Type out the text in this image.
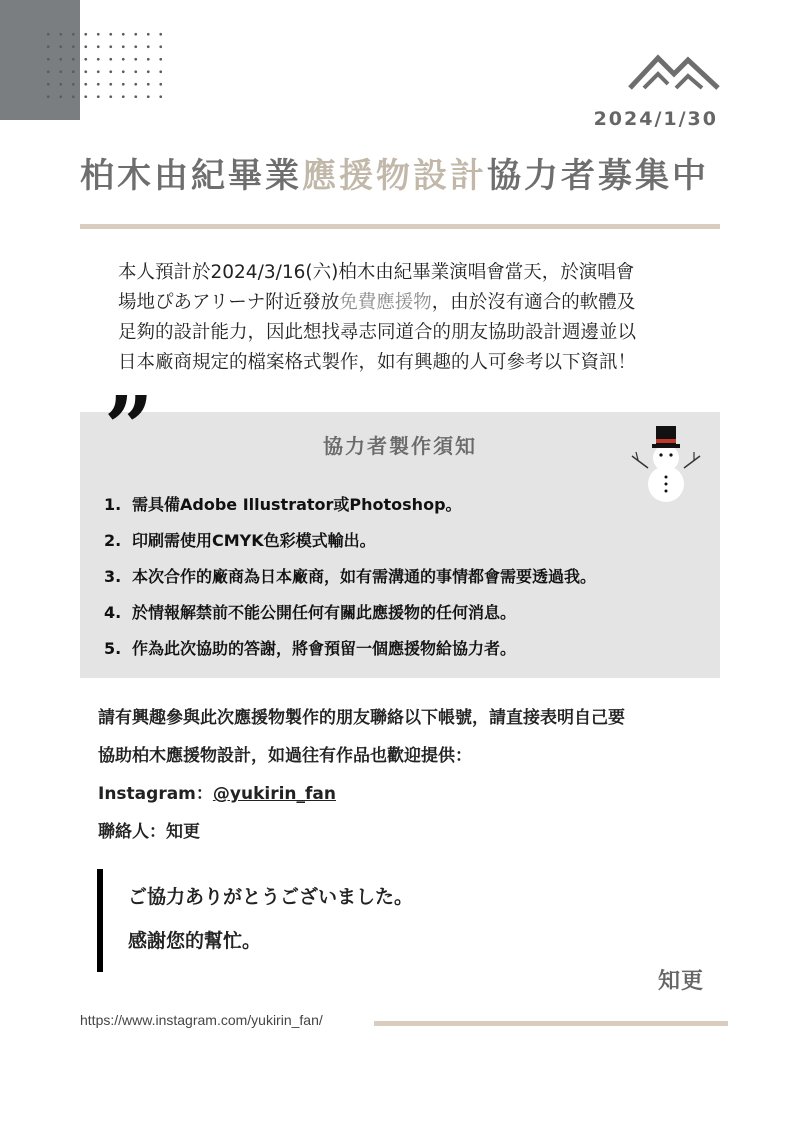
2024/1/30
柏木由紀畢業應援物設計協力者募集中
本人預計於2024/3/16(六)柏木由紀畢業演唱會當天，於演唱會
場地ぴあアリーナ附近發放免費應援物，由於沒有適合的軟體及
足夠的設計能力，因此想找尋志同道合的朋友協助設計週邊並以
日本廠商規定的檔案格式製作，如有興趣的人可參考以下資訊！
協力者製作須知
1. 需具備Adobe Illustrator或Photoshop。
2. 印刷需使用CMYK色彩模式輸出。
3. 本次合作的廠商為日本廠商，如有需溝通的事情都會需要透過我。
4. 於情報解禁前不能公開任何有關此應援物的任何消息。
5. 作為此次協助的答謝，將會預留一個應援物給協力者。
”
請有興趣參與此次應援物製作的朋友聯絡以下帳號，請直接表明自己要
協助柏木應援物設計，如過往有作品也歡迎提供：
Instagram：@yukirin_fan
聯絡人：知更
ご協力ありがとうございました。
感謝您的幫忙。
知更
https://www.instagram.com/yukirin_fan/
